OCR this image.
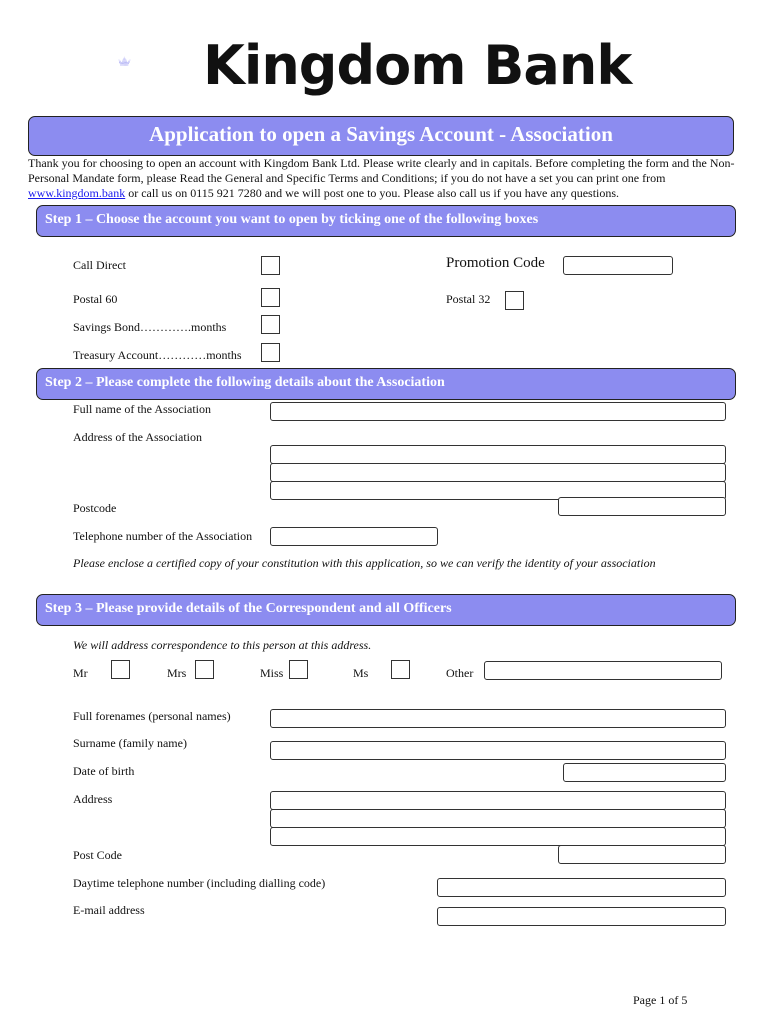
Kingdom Bank
Application to open a Savings Account - Association
Thank you for choosing to open an account with Kingdom Bank Ltd. Please write clearly and in capitals. Before completing the form and the Non-Personal Mandate form, please Read the General and Specific Terms and Conditions; if you do not have a set you can print one from www.kingdom.bank or call us on 0115 921 7280 and we will post one to you. Please also call us if you have any questions.
Step 1 – Choose the account you want to open by ticking one of the following boxes
Call Direct	Promotion Code
Postal 60	Postal 32
Savings Bond………….months
Treasury Account…………months
Step 2 – Please complete the following details about the Association
Full name of the Association
Address of the Association
Postcode
Telephone number of the Association
Please enclose a certified copy of your constitution with this application, so we can verify the identity of your association
Step 3 – Please provide details of the Correspondent and all Officers
We will address correspondence to this person at this address.
Mr	Mrs	Miss	Ms	Other
Full forenames (personal names)
Surname (family name)
Date of birth
Address
Post Code
Daytime telephone number (including dialling code)
E-mail address
Page 1 of 5
